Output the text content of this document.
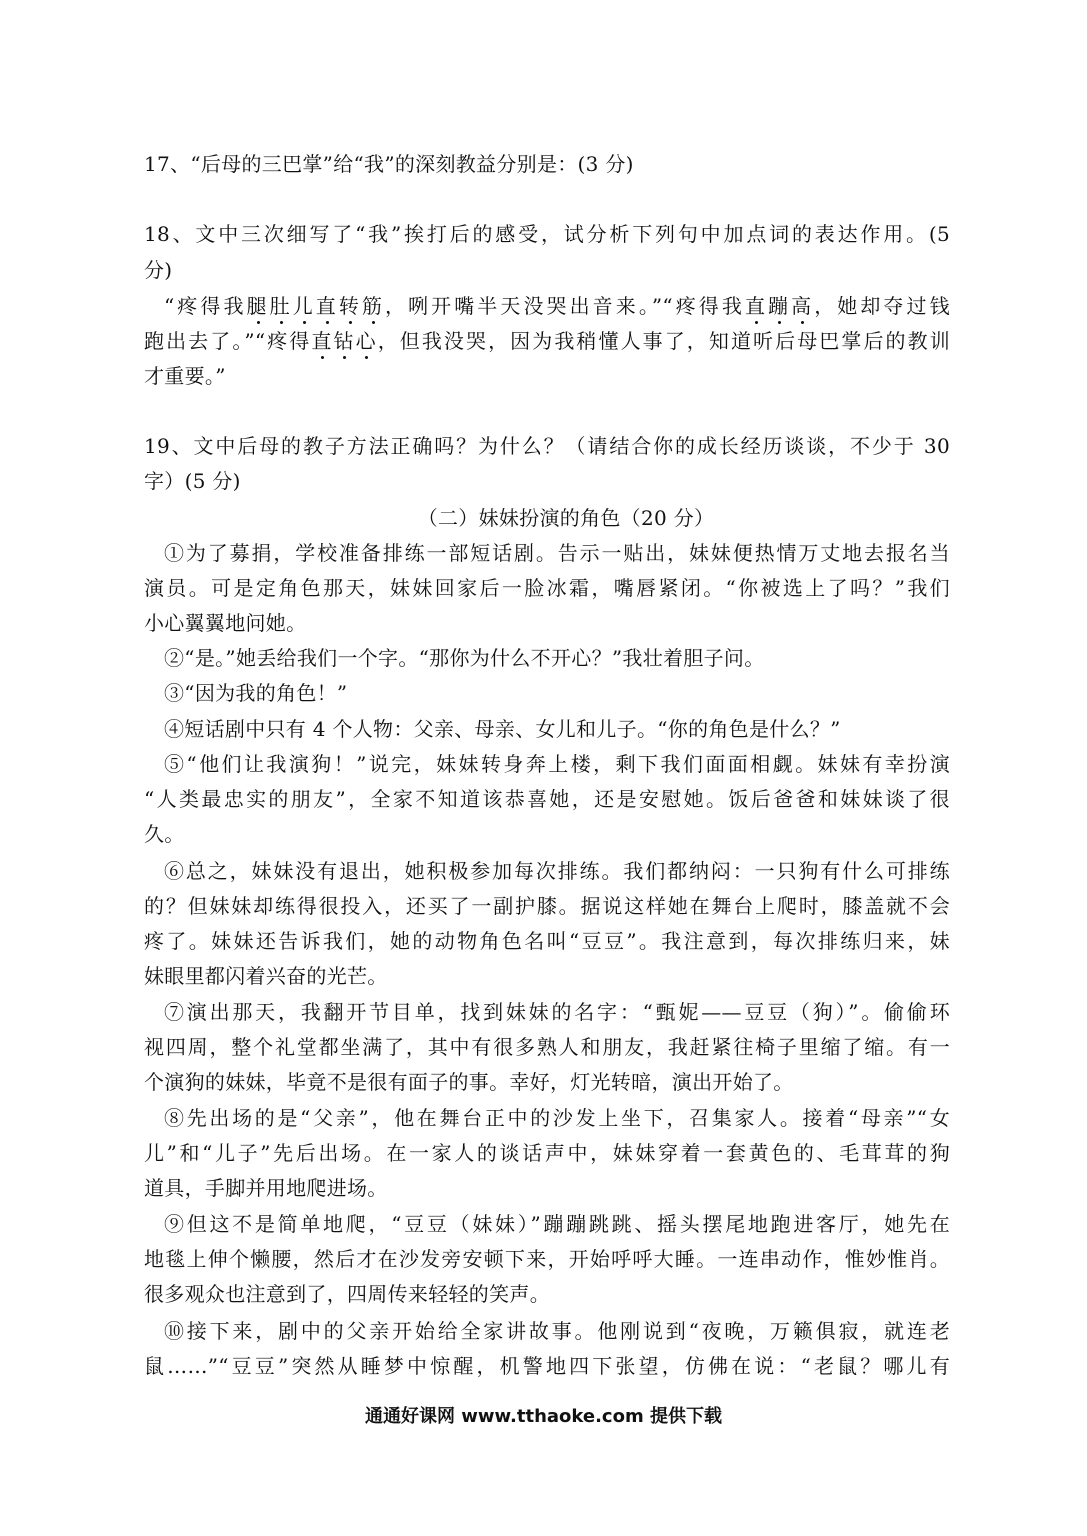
17、“后母的三巴掌”给“我”的深刻教益分别是：(3 分)
18、文中三次细写了“我”挨打后的感受，试分析下列句中加点词的表达作用。(5
分)
“疼得我腿肚儿直转筋，咧开嘴半天没哭出音来。”“疼得我直蹦高，她却夺过钱
跑出去了。”“疼得直钻心，但我没哭，因为我稍懂人事了，知道听后母巴掌后的教训
才重要。”
19、文中后母的教子方法正确吗？为什么？（请结合你的成长经历谈谈，不少于 30
字）(5 分)
（二）妹妹扮演的角色（20 分）
①为了募捐，学校准备排练一部短话剧。告示一贴出，妹妹便热情万丈地去报名当
演员。可是定角色那天，妹妹回家后一脸冰霜，嘴唇紧闭。“你被选上了吗？”我们
小心翼翼地问她。
②“是。”她丢给我们一个字。“那你为什么不开心？”我壮着胆子问。
③“因为我的角色！”
④短话剧中只有 4 个人物：父亲、母亲、女儿和儿子。“你的角色是什么？”
⑤“他们让我演狗！”说完，妹妹转身奔上楼，剩下我们面面相觑。妹妹有幸扮演
“人类最忠实的朋友”，全家不知道该恭喜她，还是安慰她。饭后爸爸和妹妹谈了很
久。
⑥总之，妹妹没有退出，她积极参加每次排练。我们都纳闷：一只狗有什么可排练
的？但妹妹却练得很投入，还买了一副护膝。据说这样她在舞台上爬时，膝盖就不会
疼了。妹妹还告诉我们，她的动物角色名叫“豆豆”。我注意到，每次排练归来，妹
妹眼里都闪着兴奋的光芒。
⑦演出那天，我翻开节目单，找到妹妹的名字：“甄妮——豆豆（狗）”。偷偷环
视四周，整个礼堂都坐满了，其中有很多熟人和朋友，我赶紧往椅子里缩了缩。有一
个演狗的妹妹，毕竟不是很有面子的事。幸好，灯光转暗，演出开始了。
⑧先出场的是“父亲”，他在舞台正中的沙发上坐下，召集家人。接着“母亲”“女
儿”和“儿子”先后出场。在一家人的谈话声中，妹妹穿着一套黄色的、毛茸茸的狗
道具，手脚并用地爬进场。
⑨但这不是简单地爬，“豆豆（妹妹）”蹦蹦跳跳、摇头摆尾地跑进客厅，她先在
地毯上伸个懒腰，然后才在沙发旁安顿下来，开始呼呼大睡。一连串动作，惟妙惟肖。
很多观众也注意到了，四周传来轻轻的笑声。
⑩接下来，剧中的父亲开始给全家讲故事。他刚说到“夜晚，万籁俱寂，就连老
鼠……”“豆豆”突然从睡梦中惊醒，机警地四下张望，仿佛在说：“老鼠？哪儿有
通通好课网 www.tthaoke.com 提供下载
